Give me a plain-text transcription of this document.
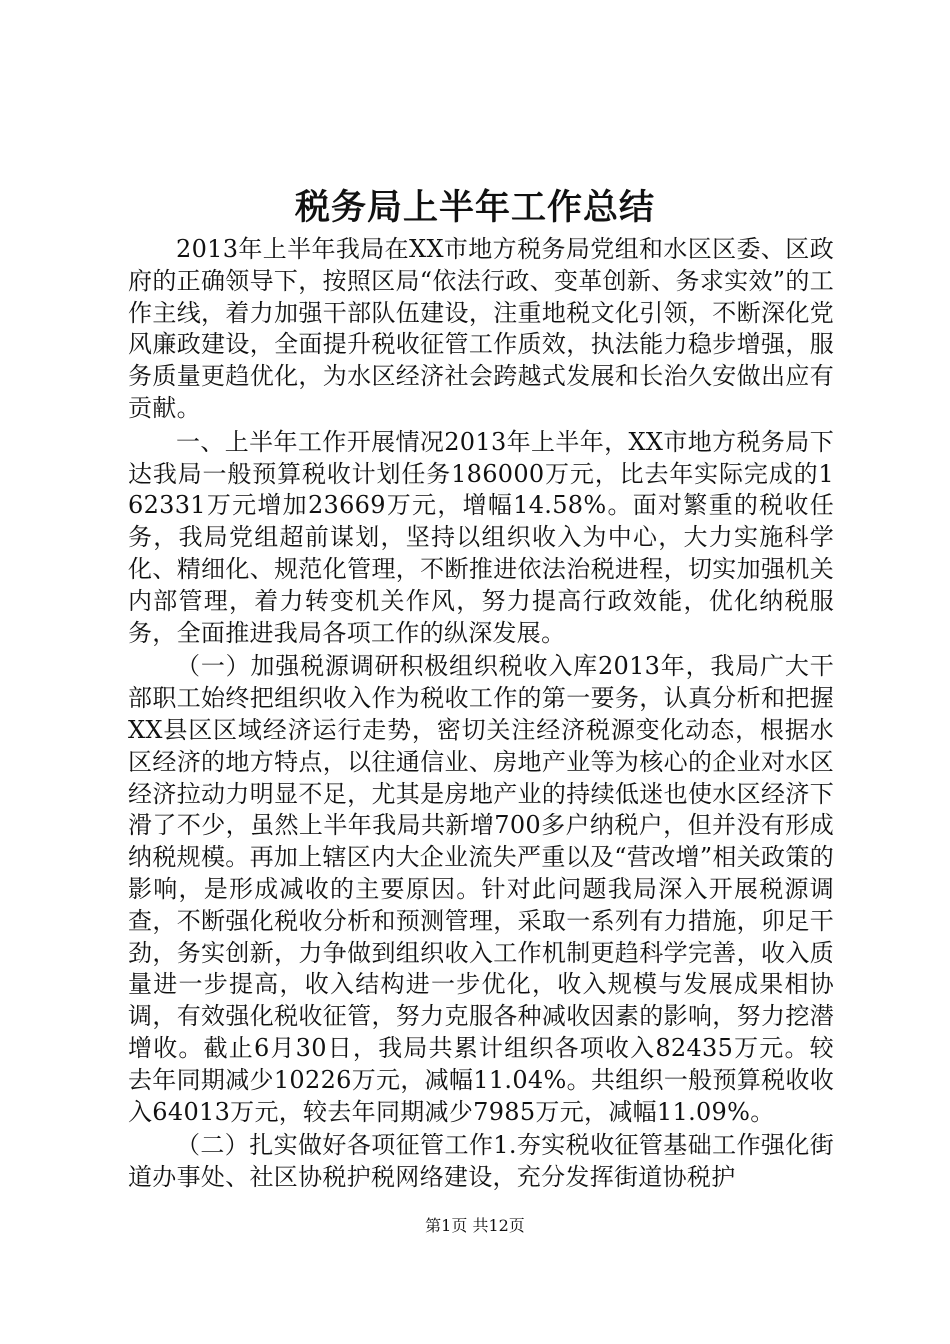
税务局上半年工作总结

2013年上半年我局在XX市地方税务局党组和水区区委、区政府的正确领导下，按照区局“依法行政、变革创新、务求实效”的工作主线，着力加强干部队伍建设，注重地税文化引领，不断深化党风廉政建设，全面提升税收征管工作质效，执法能力稳步增强，服务质量更趋优化，为水区经济社会跨越式发展和长治久安做出应有贡献。

一、上半年工作开展情况2013年上半年，XX市地方税务局下达我局一般预算税收计划任务186000万元，比去年实际完成的162331万元增加23669万元，增幅14.58%。面对繁重的税收任务，我局党组超前谋划，坚持以组织收入为中心，大力实施科学化、精细化、规范化管理，不断推进依法治税进程，切实加强机关内部管理，着力转变机关作风，努力提高行政效能，优化纳税服务，全面推进我局各项工作的纵深发展。

（一）加强税源调研积极组织税收入库2013年，我局广大干部职工始终把组织收入作为税收工作的第一要务，认真分析和把握XX县区区域经济运行走势，密切关注经济税源变化动态，根据水区经济的地方特点，以往通信业、房地产业等为核心的企业对水区经济拉动力明显不足，尤其是房地产业的持续低迷也使水区经济下滑了不少，虽然上半年我局共新增700多户纳税户，但并没有形成纳税规模。再加上辖区内大企业流失严重以及“营改增”相关政策的影响，是形成减收的主要原因。针对此问题我局深入开展税源调查，不断强化税收分析和预测管理，采取一系列有力措施，卯足干劲，务实创新，力争做到组织收入工作机制更趋科学完善，收入质量进一步提高，收入结构进一步优化，收入规模与发展成果相协调，有效强化税收征管，努力克服各种减收因素的影响，努力挖潜增收。截止6月30日，我局共累计组织各项收入82435万元。较去年同期减少10226万元，减幅11.04%。共组织一般预算税收收入64013万元，较去年同期减少7985万元，减幅11.09%。

（二）扎实做好各项征管工作1.夯实税收征管基础工作强化街道办事处、社区协税护税网络建设，充分发挥街道协税护

第1页 共12页
